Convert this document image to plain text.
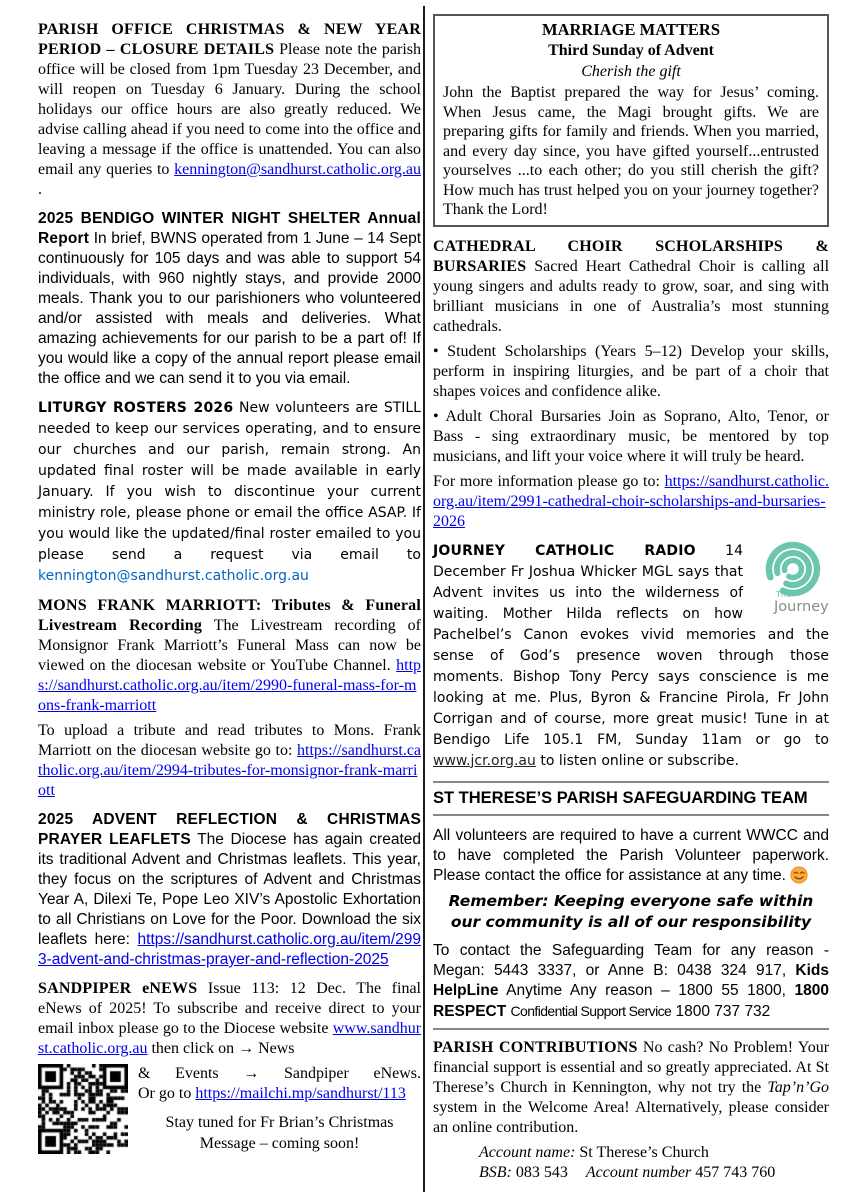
PARISH OFFICE CHRISTMAS & NEW YEAR PERIOD – CLOSURE DETAILS Please note the parish office will be closed from 1pm Tuesday 23 December, and will reopen on Tuesday 6 January. During the school holidays our office hours are also greatly reduced. We advise calling ahead if you need to come into the office and leaving a message if the office is unattended. You can also email any queries to kennington@sandhurst.catholic.org.au .

2025 BENDIGO WINTER NIGHT SHELTER Annual Report In brief, BWNS operated from 1 June – 14 Sept continuously for 105 days and was able to support 54 individuals, with 960 nightly stays, and provide 2000 meals. Thank you to our parishioners who volunteered and/or assisted with meals and deliveries. What amazing achievements for our parish to be a part of! If you would like a copy of the annual report please email the office and we can send it to you via email.

LITURGY ROSTERS 2026 New volunteers are STILL needed to keep our services operating, and to ensure our churches and our parish, remain strong. An updated final roster will be made available in early January. If you wish to discontinue your current ministry role, please phone or email the office ASAP. If you would like the updated/final roster emailed to you please send a request via email to kennington@sandhurst.catholic.org.au

MONS FRANK MARRIOTT: Tributes & Funeral Livestream Recording The Livestream recording of Monsignor Frank Marriott’s Funeral Mass can now be viewed on the diocesan website or YouTube Channel. https://sandhurst.catholic.org.au/item/2990-funeral-mass-for-mons-frank-marriott

To upload a tribute and read tributes to Mons. Frank Marriott on the diocesan website go to: https://sandhurst.catholic.org.au/item/2994-tributes-for-monsignor-frank-marriott

2025 ADVENT REFLECTION & CHRISTMAS PRAYER LEAFLETS The Diocese has again created its traditional Advent and Christmas leaflets. This year, they focus on the scriptures of Advent and Christmas Year A, Dilexi Te, Pope Leo XIV’s Apostolic Exhortation to all Christians on Love for the Poor. Download the six leaflets here: https://sandhurst.catholic.org.au/item/2993-advent-and-christmas-prayer-and-reflection-2025

SANDPIPER eNEWS Issue 113: 12 Dec. The final eNews of 2025! To subscribe and receive direct to your email inbox please go to the Diocese website www.sandhurst.catholic.org.au then click on → News

& Events → Sandpiper eNews.

Or go to https://mailchi.mp/sandhurst/113

Stay tuned for Fr Brian’s Christmas
Message – coming soon!

MARRIAGE MATTERS

Third Sunday of Advent

Cherish the gift

John the Baptist prepared the way for Jesus’ coming. When Jesus came, the Magi brought gifts. We are preparing gifts for family and friends. When you married, and every day since, you have gifted yourself...entrusted yourselves ...to each other; do you still cherish the gift? How much has trust helped you on your journey together? Thank the Lord!

CATHEDRAL CHOIR SCHOLARSHIPS & BURSARIES Sacred Heart Cathedral Choir is calling all young singers and adults ready to grow, soar, and sing with brilliant musicians in one of Australia’s most stunning cathedrals.

• Student Scholarships (Years 5–12) Develop your skills, perform in inspiring liturgies, and be part of a choir that shapes voices and confidence alike.

• Adult Choral Bursaries Join as Soprano, Alto, Tenor, or Bass - sing extraordinary music, be mentored by top musicians, and lift your voice where it will truly be heard.

For more information please go to: https://sandhurst.catholic.org.au/item/2991-cathedral-choir-scholarships-and-bursaries-2026

The
Journey
JOURNEY CATHOLIC RADIO 14 December Fr Joshua Whicker MGL says that Advent invites us into the wilderness of waiting. Mother Hilda reflects on how Pachelbel’s Canon evokes vivid memories and the sense of God’s presence woven through those moments. Bishop Tony Percy says conscience is me looking at me. Plus, Byron & Francine Pirola, Fr John Corrigan and of course, more great music! Tune in at Bendigo Life 105.1 FM, Sunday 11am or go to www.jcr.org.au to listen online or subscribe.

ST THERESE’S PARISH SAFEGUARDING TEAM

All volunteers are required to have a current WWCC and to have completed the Parish Volunteer paperwork. Please contact the office for assistance at any time.

Remember: Keeping everyone safe within our community is all of our responsibility

To contact the Safeguarding Team for any reason - Megan: 5443 3337, or Anne B: 0438 324 917, Kids HelpLine Anytime Any reason – 1800 55 1800, 1800 RESPECT Confidential Support Service 1800 737 732

PARISH CONTRIBUTIONS No cash? No Problem! Your financial support is essential and so greatly appreciated. At St Therese’s Church in Kennington, why not try the Tap’n’Go system in the Welcome Area! Alternatively, please consider an online contribution.

Account name: St Therese’s Church

BSB: 083 543 Account number 457 743 760
